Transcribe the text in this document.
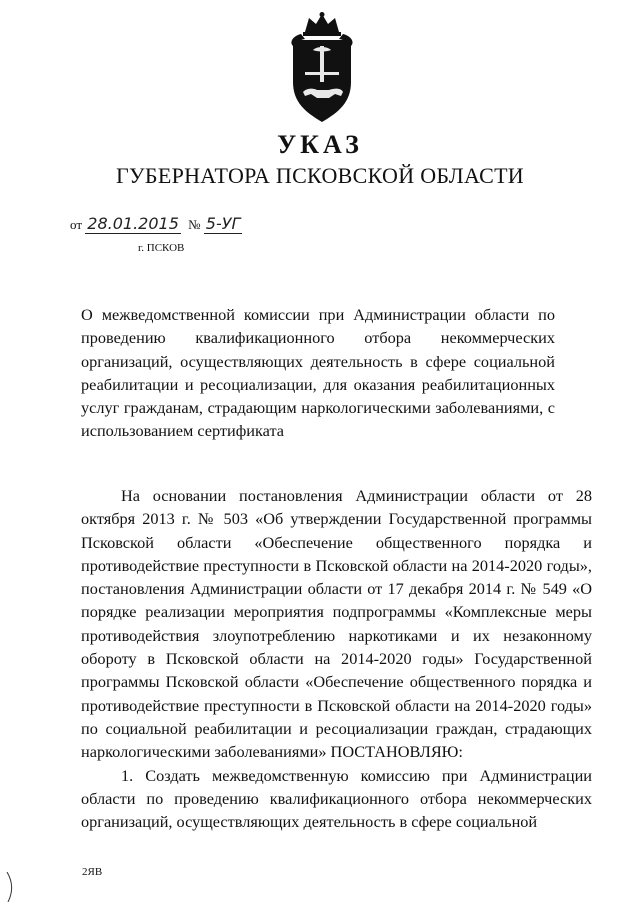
УКАЗ
ГУБЕРНАТОРА ПСКОВСКОЙ ОБЛАСТИ
от 28.01.2015 № 5-УГ
г. ПСКОВ
О межведомственной комиссии при Администрации области по проведению квалификационного отбора некоммерческих организаций, осуществляющих деятельность в сфере социальной реабилитации и ресоциализации, для оказания реабилитационных услуг гражданам, страдающим наркологическими заболеваниями, с использованием сертификата

На основании постановления Администрации области от 28 октября 2013 г. № 503 «Об утверждении Государственной программы Псковской области «Обеспечение общественного порядка и противодействие преступности в Псковской области на 2014-2020 годы», постановления Администрации области от 17 декабря 2014 г. № 549 «О порядке реализации мероприятия подпрограммы «Комплексные меры противодействия злоупотреблению наркотиками и их незаконному обороту в Псковской области на 2014-2020 годы» Государственной программы Псковской области «Обеспечение общественного порядка и противодействие преступности в Псковской области на 2014-2020 годы» по социальной реабилитации и ресоциализации граждан, страдающих наркологическими заболеваниями» ПОСТАНОВЛЯЮ:

1. Создать межведомственную комиссию при Администрации области по проведению квалификационного отбора некоммерческих организаций, осуществляющих деятельность в сфере социальной

2ЯВ
